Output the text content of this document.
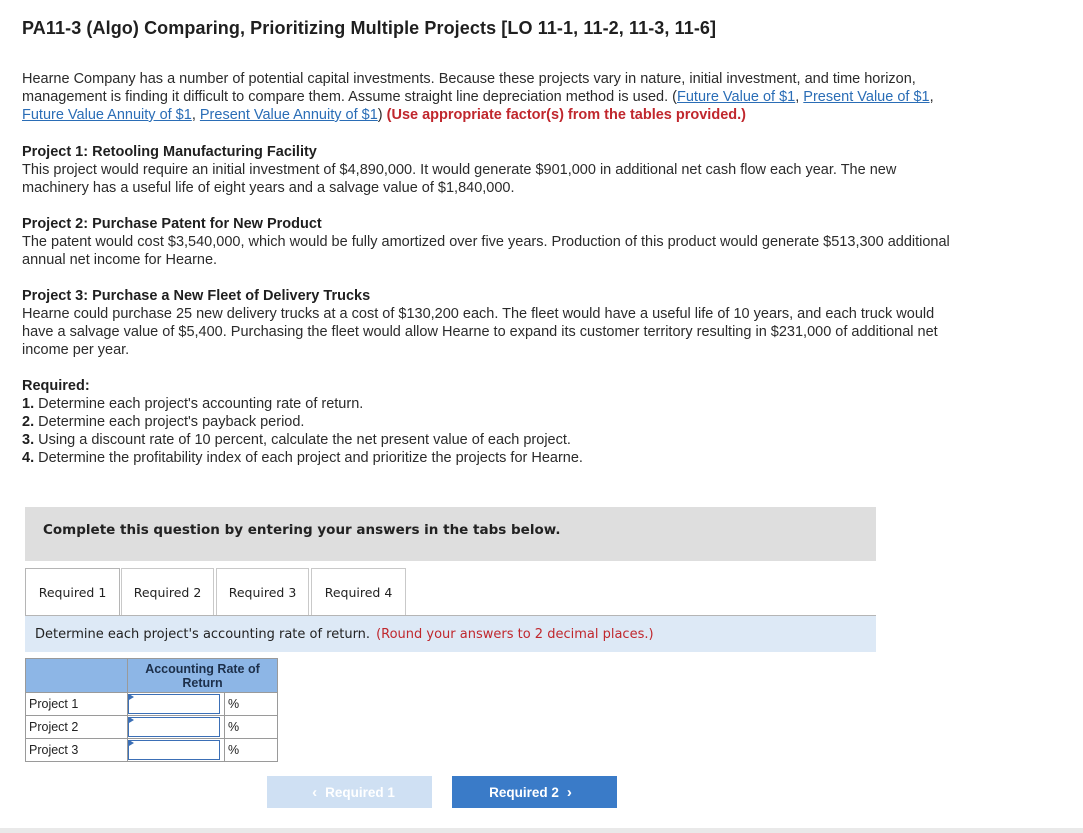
PA11-3 (Algo) Comparing, Prioritizing Multiple Projects [LO 11-1, 11-2, 11-3, 11-6]

Hearne Company has a number of potential capital investments. Because these projects vary in nature, initial investment, and time horizon, management is finding it difficult to compare them. Assume straight line depreciation method is used. (Future Value of $1, Present Value of $1, Future Value Annuity of $1, Present Value Annuity of $1) (Use appropriate factor(s) from the tables provided.)

Project 1: Retooling Manufacturing Facility
This project would require an initial investment of $4,890,000. It would generate $901,000 in additional net cash flow each year. The new machinery has a useful life of eight years and a salvage value of $1,840,000.

Project 2: Purchase Patent for New Product
The patent would cost $3,540,000, which would be fully amortized over five years. Production of this product would generate $513,300 additional annual net income for Hearne.

Project 3: Purchase a New Fleet of Delivery Trucks
Hearne could purchase 25 new delivery trucks at a cost of $130,200 each. The fleet would have a useful life of 10 years, and each truck would have a salvage value of $5,400. Purchasing the fleet would allow Hearne to expand its customer territory resulting in $231,000 of additional net income per year.

Required:
1. Determine each project's accounting rate of return.
2. Determine each project's payback period.
3. Using a discount rate of 10 percent, calculate the net present value of each project.
4. Determine the profitability index of each project and prioritize the projects for Hearne.

Complete this question by entering your answers in the tabs below.
Required 1	Required 2	Required 3	Required 4
Determine each project's accounting rate of return. (Round your answers to 2 decimal places.)

	Accounting Rate of Return	

Project 1		%
Project 2		%
Project 3		%
‹ Required 1	Required 2 ›
